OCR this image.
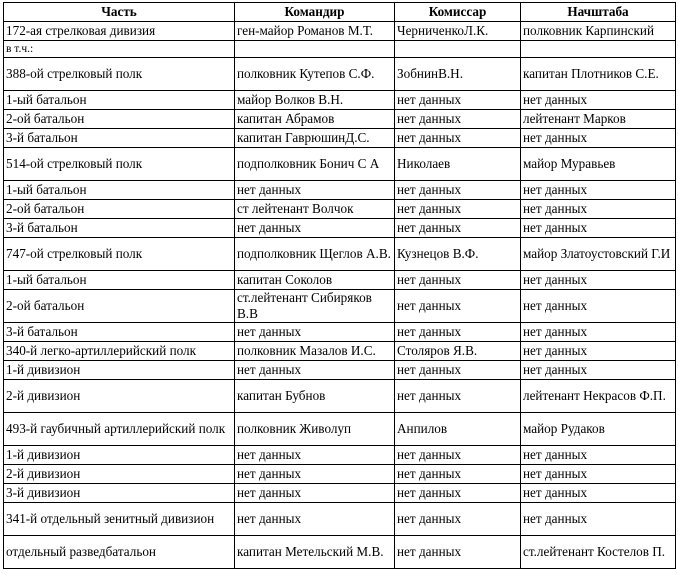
Часть	Командир	Комиссар	Начштаба
172-ая стрелковая дивизия	ген-майор Романов М.Т.	ЧерниченкоЛ.К.	полковник Карпинский
в т.ч.:			
388-ой стрелковый полк	полковник Кутепов С.Ф.	ЗобнинВ.Н.	капитан Плотников С.Е.
1-ый батальон	майор Волков В.Н.	нет данных	нет данных
2-ой батальон	капитан Абрамов	нет данных	лейтенант Марков
3-й батальон	капитан ГаврюшинД.С.	нет данных	нет данных
514-ой стрелковый полк	подполковник Бонич С А	Николаев	майор Муравьев
1-ый батальон	нет данных	нет данных	нет данных
2-ой батальон	ст лейтенант Волчок	нет данных	нет данных
3-й батальон	нет данных	нет данных	нет данных
747-ой стрелковый полк	подполковник Щеглов А.В.	Кузнецов В.Ф.	майор Златоустовский Г.И
1-ый батальон	капитан Соколов	нет данных	нет данных
2-ой батальон	ст.лейтенант Сибиряков В.В	нет данных	нет данных
3-й батальон	нет данных	нет данных	нет данных
340-й легко-артиллерийский полк	полковник Мазалов И.С.	Столяров Я.В.	нет данных
1-й дивизион	нет данных	нет данных	нет данных
2-й дивизион	капитан Бубнов	нет данных	лейтенант Некрасов Ф.П.
493-й гаубичный артиллерийский полк	полковник Живолуп	Анпилов	майор Рудаков
1-й дивизион	нет данных	нет данных	нет данных
2-й дивизион	нет данных	нет данных	нет данных
3-й дивизион	нет данных	нет данных	нет данных
341-й отдельный зенитный дивизион	нет данных	нет данных	нет данных
отдельный разведбатальон	капитан Метельский М.В.	нет данных	ст.лейтенант Костелов П.
